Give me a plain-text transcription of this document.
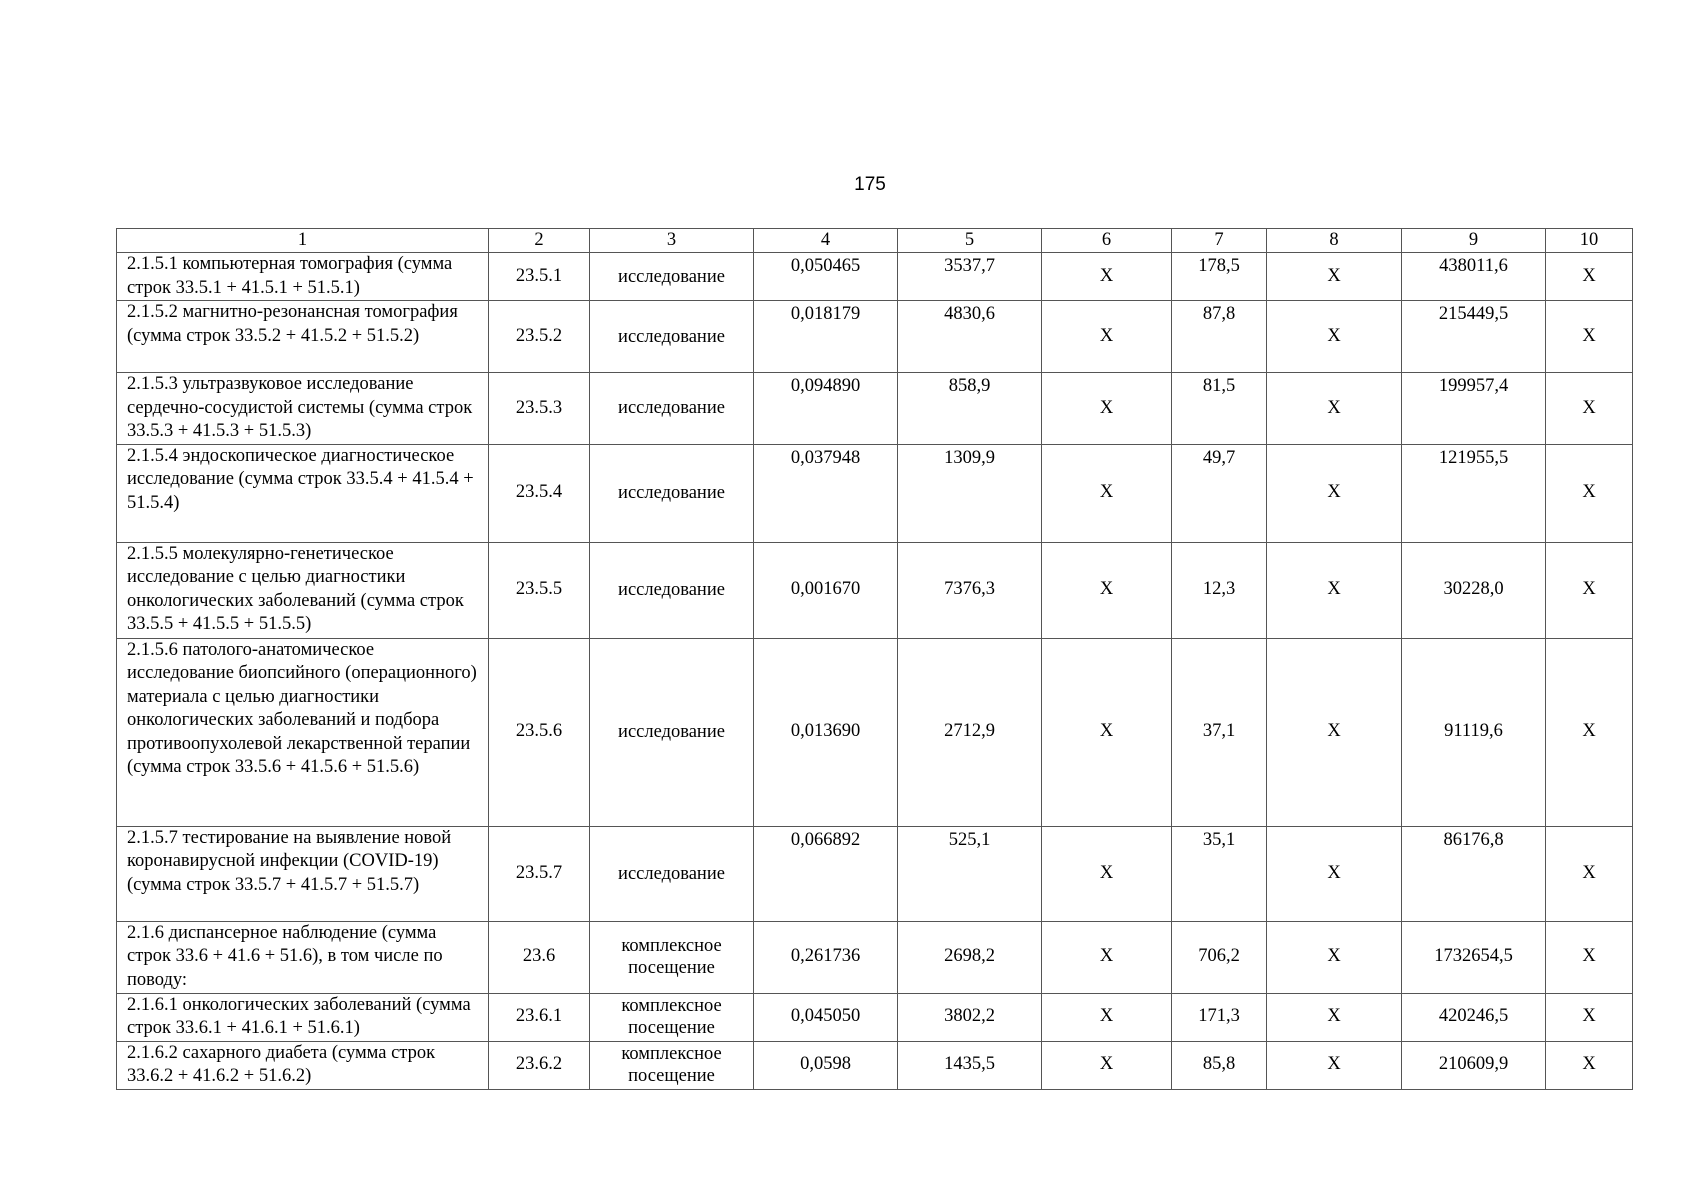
175
1	2	3	4	5	6	7	8	9	10
2.1.5.1 компьютерная томография (сумма строк 33.5.1 + 41.5.1 + 51.5.1)	23.5.1	исследование	0,050465	3537,7	X	178,5	X	438011,6	X
2.1.5.2 магнитно-резонансная томография (сумма строк 33.5.2 + 41.5.2 + 51.5.2)	23.5.2	исследование	0,018179	4830,6	X	87,8	X	215449,5	X
2.1.5.3 ультразвуковое исследование сердечно-сосудистой системы (сумма строк 33.5.3 + 41.5.3 + 51.5.3)	23.5.3	исследование	0,094890	858,9	X	81,5	X	199957,4	X
2.1.5.4 эндоскопическое диагностическое исследование (сумма строк 33.5.4 + 41.5.4 + 51.5.4)	23.5.4	исследование	0,037948	1309,9	X	49,7	X	121955,5	X
2.1.5.5 молекулярно-генетическое исследование с целью диагностики онкологических заболеваний (сумма строк 33.5.5 + 41.5.5 + 51.5.5)	23.5.5	исследование	0,001670	7376,3	X	12,3	X	30228,0	X
2.1.5.6 патолого-анатомическое исследование биопсийного (операционного) материала с целью диагностики онкологических заболеваний и подбора противоопухолевой лекарственной терапии (сумма строк 33.5.6 + 41.5.6 + 51.5.6)	23.5.6	исследование	0,013690	2712,9	X	37,1	X	91119,6	X
2.1.5.7 тестирование на выявление новой коронавирусной инфекции (COVID-19) (сумма строк 33.5.7 + 41.5.7 + 51.5.7)	23.5.7	исследование	0,066892	525,1	X	35,1	X	86176,8	X
2.1.6 диспансерное наблюдение (сумма строк 33.6 + 41.6 + 51.6), в том числе по поводу:	23.6	комплексное посещение	0,261736	2698,2	X	706,2	X	1732654,5	X
2.1.6.1 онкологических заболеваний (сумма строк 33.6.1 + 41.6.1 + 51.6.1)	23.6.1	комплексное посещение	0,045050	3802,2	X	171,3	X	420246,5	X
2.1.6.2 сахарного диабета (сумма строк 33.6.2 + 41.6.2 + 51.6.2)	23.6.2	комплексное посещение	0,0598	1435,5	X	85,8	X	210609,9	X
